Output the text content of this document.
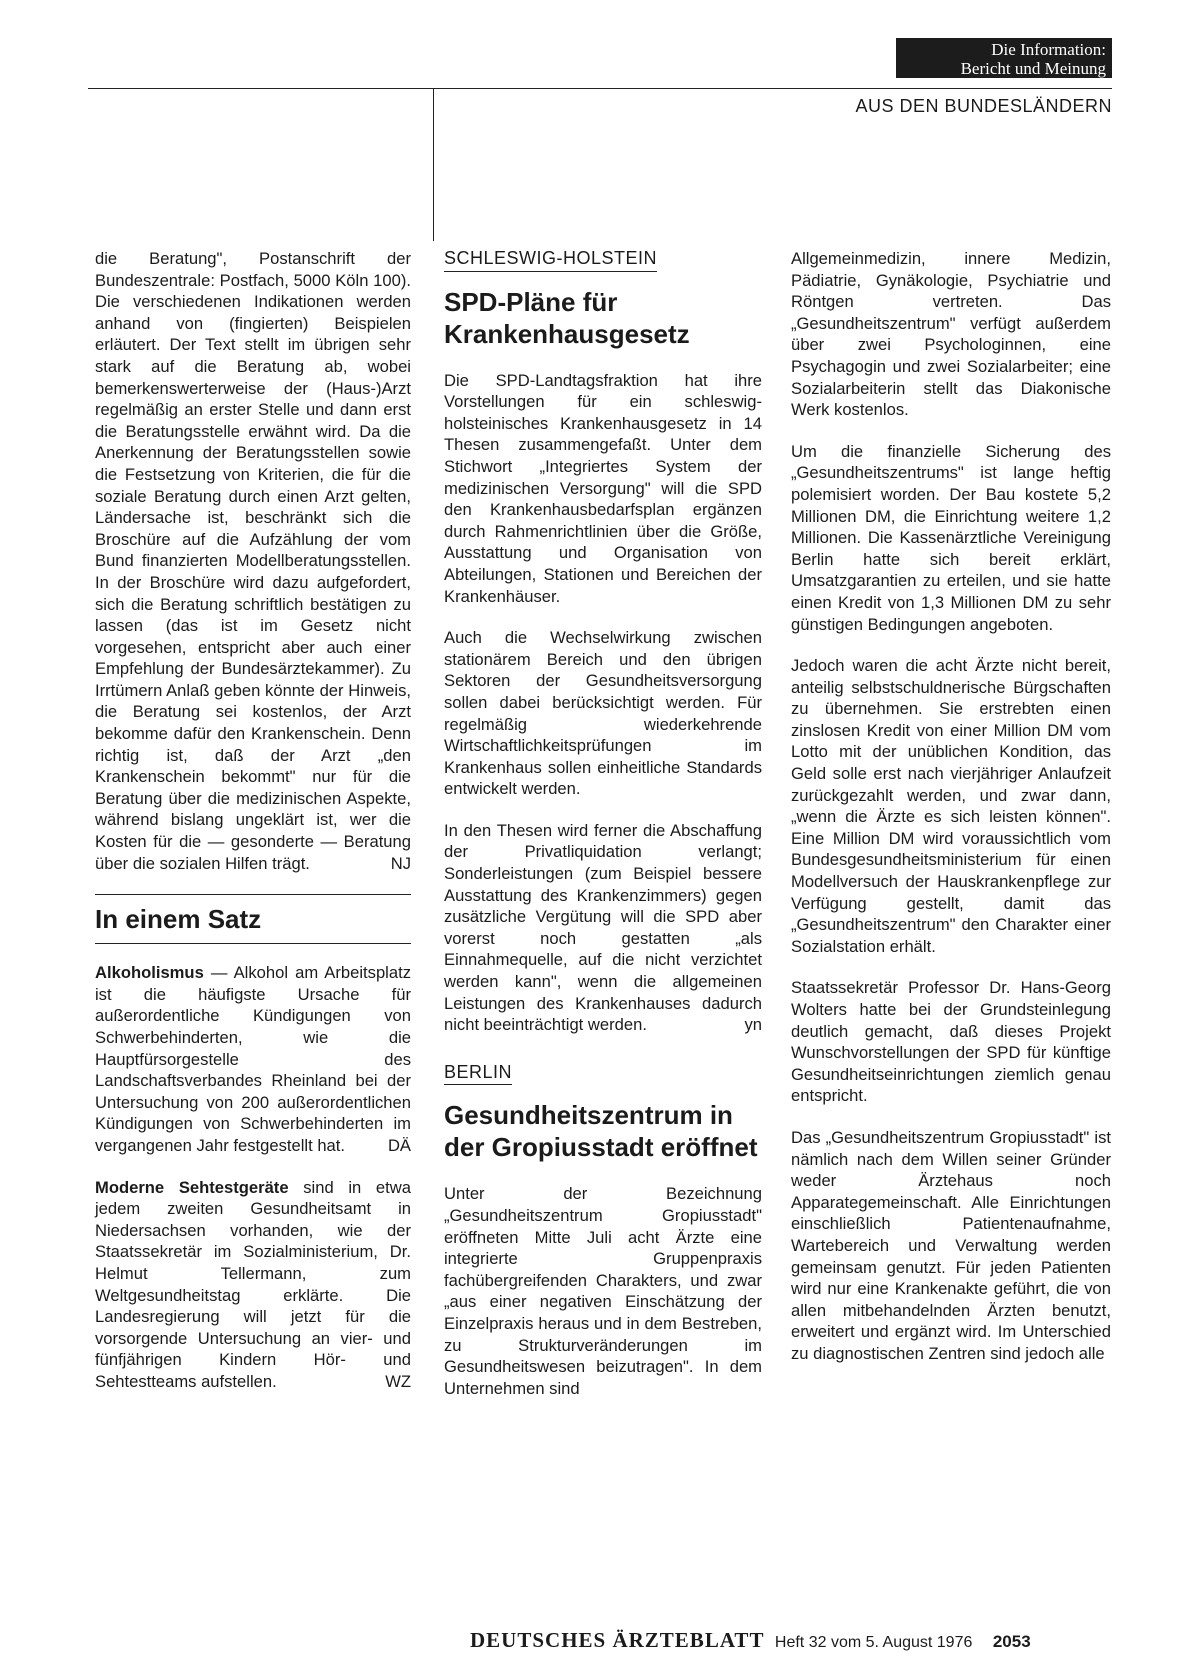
Die Information:
Bericht und Meinung
AUS DEN BUNDESLÄNDERN

die Beratung", Postanschrift der Bundeszentrale: Postfach, 5000 Köln 100). Die verschiedenen Indikationen werden anhand von (fingierten) Beispielen erläutert. Der Text stellt im übrigen sehr stark auf die Beratung ab, wobei bemerkenswerterweise der (Haus-)Arzt regelmäßig an erster Stelle und dann erst die Beratungsstelle erwähnt wird. Da die Anerkennung der Beratungsstellen sowie die Festsetzung von Kriterien, die für die soziale Beratung durch einen Arzt gelten, Ländersache ist, beschränkt sich die Broschüre auf die Aufzählung der vom Bund finanzierten Modellberatungsstellen. In der Broschüre wird dazu aufgefordert, sich die Beratung schriftlich bestätigen zu lassen (das ist im Gesetz nicht vorgesehen, entspricht aber auch einer Empfehlung der Bundesärztekammer). Zu Irrtümern Anlaß geben könnte der Hinweis, die Beratung sei kostenlos, der Arzt bekomme dafür den Krankenschein. Denn richtig ist, daß der Arzt „den Krankenschein bekommt" nur für die Beratung über die medizinischen Aspekte, während bislang ungeklärt ist, wer die Kosten für die — gesonderte — Beratung über die sozialen Hilfen trägt.	NJ

In einem Satz

Alkoholismus — Alkohol am Arbeitsplatz ist die häufigste Ursache für außerordentliche Kündigungen von Schwerbehinderten, wie die Hauptfürsorgestelle des Landschaftsverbandes Rheinland bei der Untersuchung von 200 außerordentlichen Kündigungen von Schwerbehinderten im vergangenen Jahr festgestellt hat.	DÄ

Moderne Sehtestgeräte sind in etwa jedem zweiten Gesundheitsamt in Niedersachsen vorhanden, wie der Staatssekretär im Sozialministerium, Dr. Helmut Tellermann, zum Weltgesundheitstag erklärte. Die Landesregierung will jetzt für die vorsorgende Untersuchung an vier- und fünfjährigen Kindern Hör- und Sehtestteams aufstellen.	WZ

SCHLESWIG-HOLSTEIN
SPD-Pläne für Krankenhausgesetz

Die SPD-Landtagsfraktion hat ihre Vorstellungen für ein schleswig-holsteinisches Krankenhausgesetz in 14 Thesen zusammengefaßt. Unter dem Stichwort „Integriertes System der medizinischen Versorgung" will die SPD den Krankenhausbedarfsplan ergänzen durch Rahmenrichtlinien über die Größe, Ausstattung und Organisation von Abteilungen, Stationen und Bereichen der Krankenhäuser.

Auch die Wechselwirkung zwischen stationärem Bereich und den übrigen Sektoren der Gesundheitsversorgung sollen dabei berücksichtigt werden. Für regelmäßig wiederkehrende Wirtschaftlichkeitsprüfungen im Krankenhaus sollen einheitliche Standards entwickelt werden.

In den Thesen wird ferner die Abschaffung der Privatliquidation verlangt; Sonderleistungen (zum Beispiel bessere Ausstattung des Krankenzimmers) gegen zusätzliche Vergütung will die SPD aber vorerst noch gestatten „als Einnahmequelle, auf die nicht verzichtet werden kann", wenn die allgemeinen Leistungen des Krankenhauses dadurch nicht beeinträchtigt werden.	yn

BERLIN
Gesundheitszentrum in der Gropiusstadt eröffnet

Unter der Bezeichnung „Gesundheitszentrum Gropiusstadt" eröffneten Mitte Juli acht Ärzte eine integrierte Gruppenpraxis fachübergreifenden Charakters, und zwar „aus einer negativen Einschätzung der Einzelpraxis heraus und in dem Bestreben, zu Strukturveränderungen im Gesundheitswesen beizutragen". In dem Unternehmen sind

Allgemeinmedizin, innere Medizin, Pädiatrie, Gynäkologie, Psychiatrie und Röntgen vertreten. Das „Gesundheitszentrum" verfügt außerdem über zwei Psychologinnen, eine Psychagogin und zwei Sozialarbeiter; eine Sozialarbeiterin stellt das Diakonische Werk kostenlos.

Um die finanzielle Sicherung des „Gesundheitszentrums" ist lange heftig polemisiert worden. Der Bau kostete 5,2 Millionen DM, die Einrichtung weitere 1,2 Millionen. Die Kassenärztliche Vereinigung Berlin hatte sich bereit erklärt, Umsatzgarantien zu erteilen, und sie hatte einen Kredit von 1,3 Millionen DM zu sehr günstigen Bedingungen angeboten.

Jedoch waren die acht Ärzte nicht bereit, anteilig selbstschuldnerische Bürgschaften zu übernehmen. Sie erstrebten einen zinslosen Kredit von einer Million DM vom Lotto mit der unüblichen Kondition, das Geld solle erst nach vierjähriger Anlaufzeit zurückgezahlt werden, und zwar dann, „wenn die Ärzte es sich leisten können". Eine Million DM wird voraussichtlich vom Bundesgesundheitsministerium für einen Modellversuch der Hauskrankenpflege zur Verfügung gestellt, damit das „Gesundheitszentrum" den Charakter einer Sozialstation erhält.

Staatssekretär Professor Dr. Hans-Georg Wolters hatte bei der Grundsteinlegung deutlich gemacht, daß dieses Projekt Wunschvorstellungen der SPD für künftige Gesundheitseinrichtungen ziemlich genau entspricht.

Das „Gesundheitszentrum Gropiusstadt" ist nämlich nach dem Willen seiner Gründer weder Ärztehaus noch Apparategemeinschaft. Alle Einrichtungen einschließlich Patientenaufnahme, Wartebereich und Verwaltung werden gemeinsam genutzt. Für jeden Patienten wird nur eine Krankenakte geführt, die von allen mitbehandelnden Ärzten benutzt, erweitert und ergänzt wird. Im Unterschied zu diagnostischen Zentren sind jedoch alle

DEUTSCHES ÄRZTEBLATT Heft 32 vom 5. August 1976 2053
